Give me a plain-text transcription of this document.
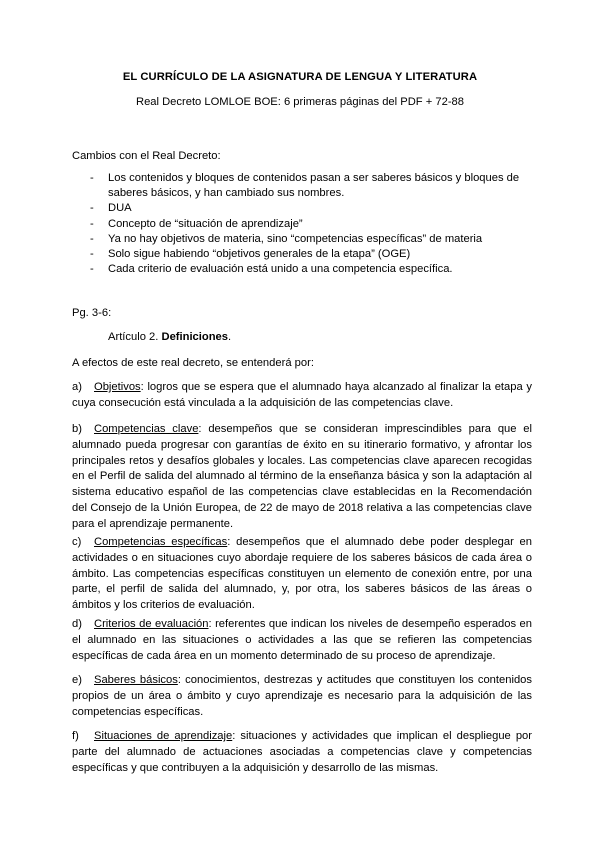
EL CURRÍCULO DE LA ASIGNATURA DE LENGUA Y LITERATURA
Real Decreto LOMLOE BOE: 6 primeras páginas del PDF + 72-88
Cambios con el Real Decreto:
- Los contenidos y bloques de contenidos pasan a ser saberes básicos y bloques de saberes básicos, y han cambiado sus nombres.
- DUA
- Concepto de “situación de aprendizaje”
- Ya no hay objetivos de materia, sino “competencias específicas” de materia
- Solo sigue habiendo “objetivos generales de la etapa” (OGE)
- Cada criterio de evaluación está unido a una competencia específica.
Pg. 3-6:
Artículo 2. Definiciones.
A efectos de este real decreto, se entenderá por:
a) Objetivos: logros que se espera que el alumnado haya alcanzado al finalizar la etapa y cuya consecución está vinculada a la adquisición de las competencias clave.
b) Competencias clave: desempeños que se consideran imprescindibles para que el alumnado pueda progresar con garantías de éxito en su itinerario formativo, y afrontar los principales retos y desafíos globales y locales. Las competencias clave aparecen recogidas en el Perfil de salida del alumnado al término de la enseñanza básica y son la adaptación al sistema educativo español de las competencias clave establecidas en la Recomendación del Consejo de la Unión Europea, de 22 de mayo de 2018 relativa a las competencias clave para el aprendizaje permanente.
c) Competencias específicas: desempeños que el alumnado debe poder desplegar en actividades o en situaciones cuyo abordaje requiere de los saberes básicos de cada área o ámbito. Las competencias específicas constituyen un elemento de conexión entre, por una parte, el perfil de salida del alumnado, y, por otra, los saberes básicos de las áreas o ámbitos y los criterios de evaluación.
d) Criterios de evaluación: referentes que indican los niveles de desempeño esperados en el alumnado en las situaciones o actividades a las que se refieren las competencias específicas de cada área en un momento determinado de su proceso de aprendizaje.
e) Saberes básicos: conocimientos, destrezas y actitudes que constituyen los contenidos propios de un área o ámbito y cuyo aprendizaje es necesario para la adquisición de las competencias específicas.
f) Situaciones de aprendizaje: situaciones y actividades que implican el despliegue por parte del alumnado de actuaciones asociadas a competencias clave y competencias específicas y que contribuyen a la adquisición y desarrollo de las mismas.
